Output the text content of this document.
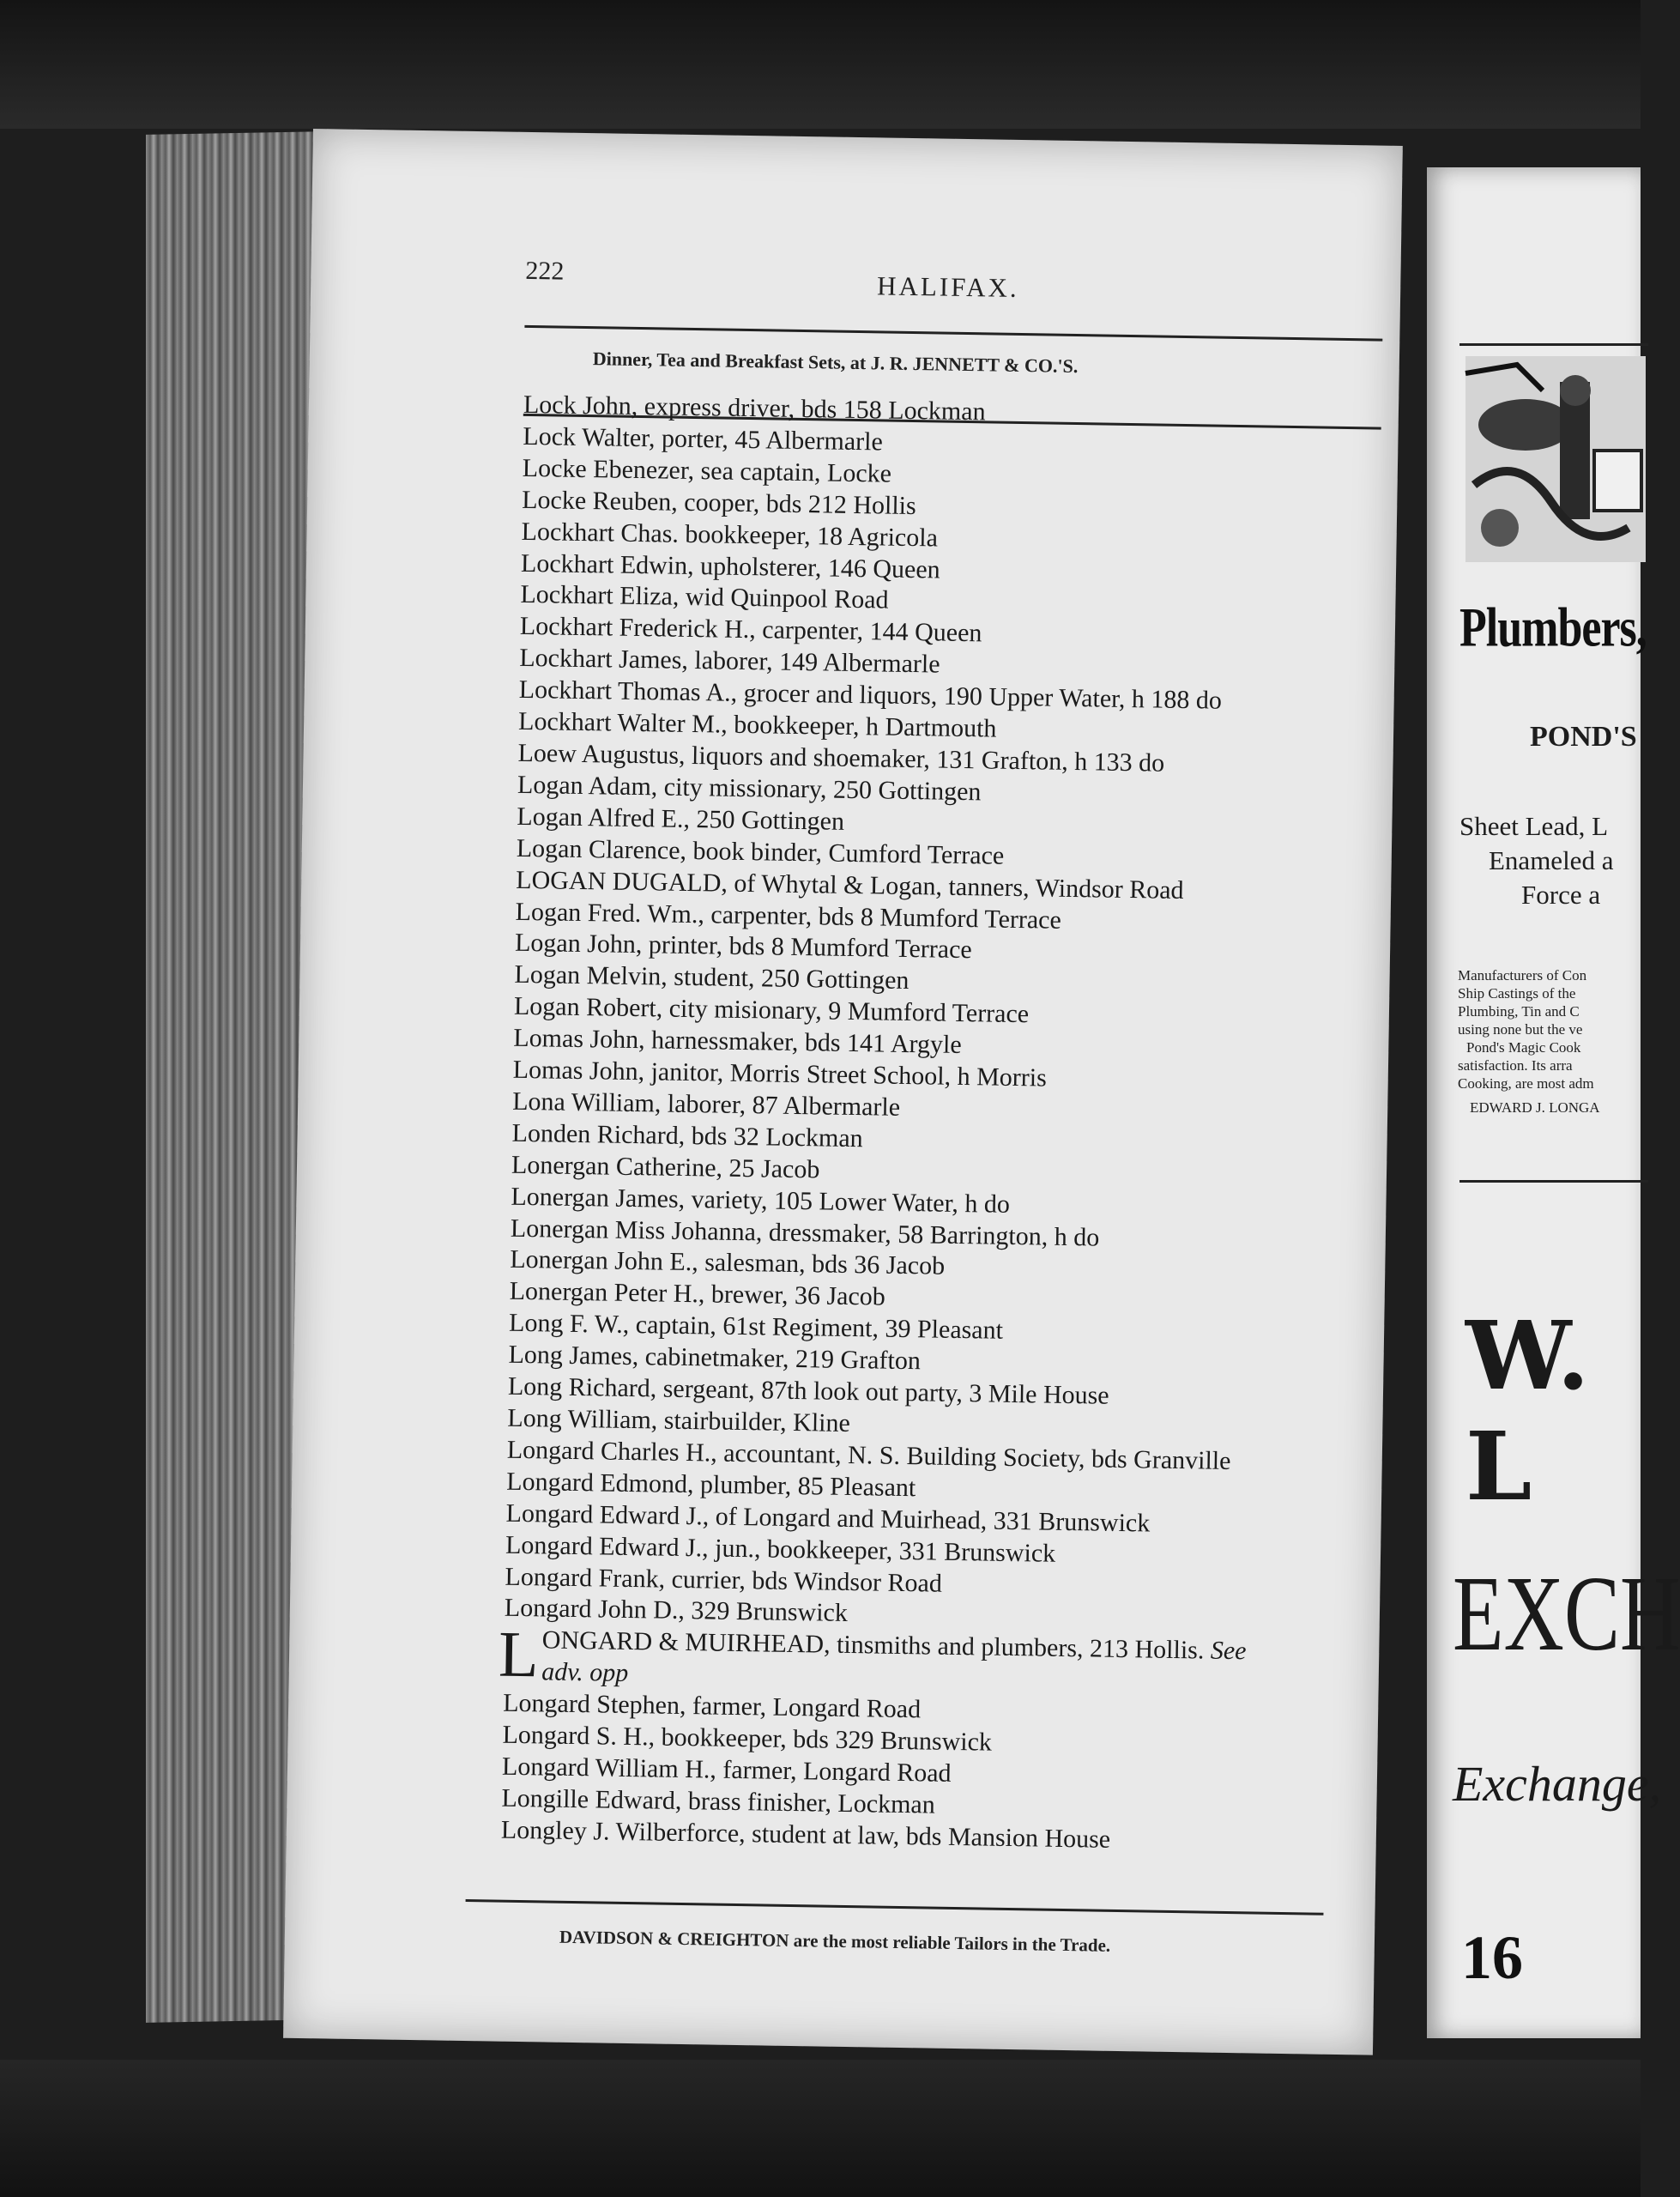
222	HALIFAX.
Dinner, Tea and Breakfast Sets, at J. R. JENNETT & CO.'S.
Lock John, express driver, bds 158 Lockman
Lock Walter, porter, 45 Albermarle
Locke Ebenezer, sea captain, Locke
Locke Reuben, cooper, bds 212 Hollis
Lockhart Chas. bookkeeper, 18 Agricola
Lockhart Edwin, upholsterer, 146 Queen
Lockhart Eliza, wid Quinpool Road
Lockhart Frederick H., carpenter, 144 Queen
Lockhart James, laborer, 149 Albermarle
Lockhart Thomas A., grocer and liquors, 190 Upper Water, h 188 do
Lockhart Walter M., bookkeeper, h Dartmouth
Loew Augustus, liquors and shoemaker, 131 Grafton, h 133 do
Logan Adam, city missionary, 250 Gottingen
Logan Alfred E., 250 Gottingen
Logan Clarence, book binder, Cumford Terrace
LOGAN DUGALD, of Whytal & Logan, tanners, Windsor Road
Logan Fred. Wm., carpenter, bds 8 Mumford Terrace
Logan John, printer, bds 8 Mumford Terrace
Logan Melvin, student, 250 Gottingen
Logan Robert, city misionary, 9 Mumford Terrace
Lomas John, harnessmaker, bds 141 Argyle
Lomas John, janitor, Morris Street School, h Morris
Lona William, laborer, 87 Albermarle
Londen Richard, bds 32 Lockman
Lonergan Catherine, 25 Jacob
Lonergan James, variety, 105 Lower Water, h do
Lonergan Miss Johanna, dressmaker, 58 Barrington, h do
Lonergan John E., salesman, bds 36 Jacob
Lonergan Peter H., brewer, 36 Jacob
Long F. W., captain, 61st Regiment, 39 Pleasant
Long James, cabinetmaker, 219 Grafton
Long Richard, sergeant, 87th look out party, 3 Mile House
Long William, stairbuilder, Kline
Longard Charles H., accountant, N. S. Building Society, bds Granville
Longard Edmond, plumber, 85 Pleasant
Longard Edward J., of Longard and Muirhead, 331 Brunswick
Longard Edward J., jun., bookkeeper, 331 Brunswick
Longard Frank, currier, bds Windsor Road
Longard John D., 329 Brunswick
L ONGARD & MUIRHEAD, tinsmiths and plumbers, 213 Hollis. See
adv. opp
Longard Stephen, farmer, Longard Road
Longard S. H., bookkeeper, bds 329 Brunswick
Longard William H., farmer, Longard Road
Longille Edward, brass finisher, Lockman
Longley J. Wilberforce, student at law, bds Mansion House
DAVIDSON & CREIGHTON are the most reliable Tailors in the Trade.
Plumbers,
POND'S
Sheet Lead, L
Enameled a
Force a
Manufacturers of Con
Ship Castings of the
Plumbing, Tin and C
using none but the ve
Pond's Magic Cook
satisfaction. Its arra
Cooking, are most adm
EDWARD J. LONGA
W. L
EXCH
Exchange,
16
